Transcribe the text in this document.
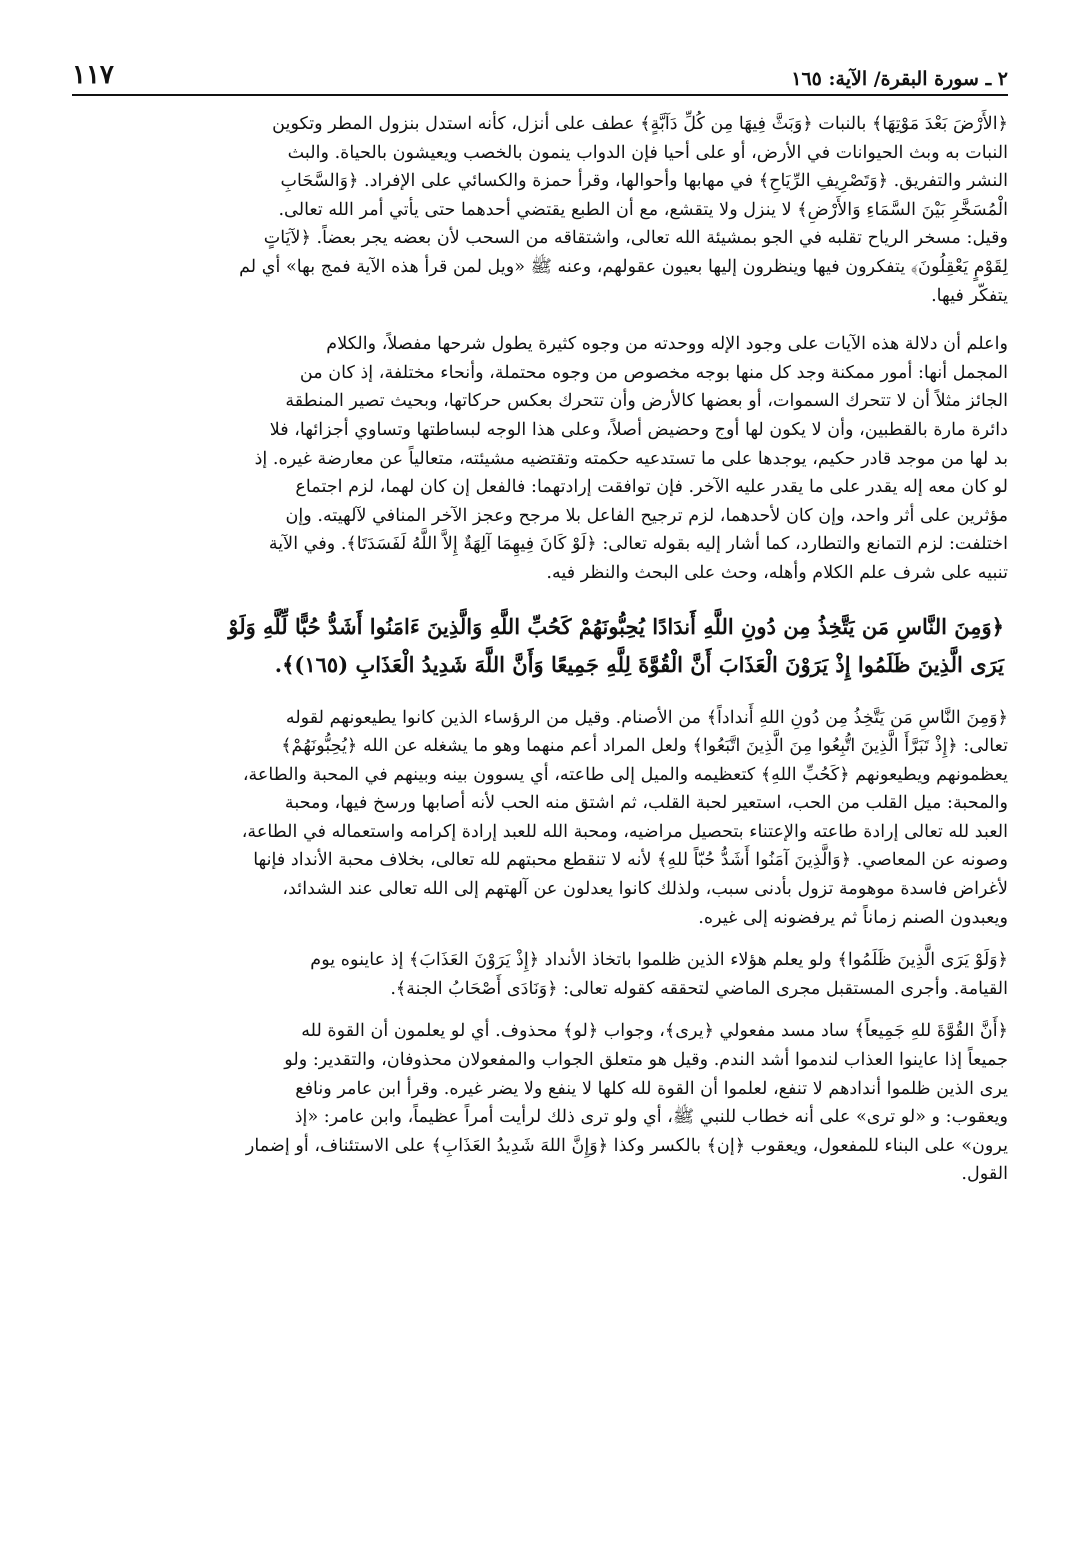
٢ ـ سورة البقرة/ الآية: ١٦٥
١١٧

﴿الأَرْضَ بَعْدَ مَوْتِهَا﴾ بالنبات ﴿وَبَثَّ فِيهَا مِن كُلِّ دَآبَّةٍ﴾ عطف على أنزل، كأنه استدل بنزول المطر وتكوين
النبات به وبث الحيوانات في الأرض، أو على أحيا فإن الدواب ينمون بالخصب ويعيشون بالحياة. والبث
النشر والتفريق. ﴿وَتَصْرِيفِ الرِّيَاحِ﴾ في مهابها وأحوالها، وقرأ حمزة والكسائي على الإفراد. ﴿وَالسَّحَابِ
الْمُسَخَّرِ بَيْنَ السَّمَاءِ وَالأَرْضِ﴾ لا ينزل ولا يتقشع، مع أن الطبع يقتضي أحدهما حتى يأتي أمر الله تعالى.
وقيل: مسخر الرياح تقلبه في الجو بمشيئة الله تعالى، واشتقاقه من السحب لأن بعضه يجر بعضاً. ﴿لآيَاتٍ
لِقَوْمٍ يَعْقِلُونَ﴾ يتفكرون فيها وينظرون إليها بعيون عقولهم، وعنه ﷺ «ويل لمن قرأ هذه الآية فمج بها» أي لم
يتفكّر فيها.

واعلم أن دلالة هذه الآيات على وجود الإله ووحدته من وجوه كثيرة يطول شرحها مفصلاً، والكلام
المجمل أنها: أمور ممكنة وجد كل منها بوجه مخصوص من وجوه محتملة، وأنحاء مختلفة، إذ كان من
الجائز مثلاً أن لا تتحرك السموات، أو بعضها كالأرض وأن تتحرك بعكس حركاتها، وبحيث تصير المنطقة
دائرة مارة بالقطبين، وأن لا يكون لها أوج وحضيض أصلاً، وعلى هذا الوجه لبساطتها وتساوي أجزائها، فلا
بد لها من موجد قادر حكيم، يوجدها على ما تستدعيه حكمته وتقتضيه مشيئته، متعالياً عن معارضة غيره. إذ
لو كان معه إله يقدر على ما يقدر عليه الآخر. فإن توافقت إرادتهما: فالفعل إن كان لهما، لزم اجتماع
مؤثرين على أثر واحد، وإن كان لأحدهما، لزم ترجيح الفاعل بلا مرجح وعجز الآخر المنافي لآلهيته. وإن
اختلفت: لزم التمانع والتطارد، كما أشار إليه بقوله تعالى: ﴿لَوْ كَانَ فِيهِمَا آلِهَةٌ إِلاَّ اللَّهُ لَفَسَدَتَا﴾. وفي الآية
تنبيه على شرف علم الكلام وأهله، وحث على البحث والنظر فيه.

﴿وَمِنَ النَّاسِ مَن يَتَّخِذُ مِن دُونِ اللَّهِ أَندَادًا يُحِبُّونَهُمْ كَحُبِّ اللَّهِ وَالَّذِينَ ءَامَنُوا أَشَدُّ حُبًّا لِّلَّهِ وَلَوْ
يَرَى الَّذِينَ ظَلَمُوا إِذْ يَرَوْنَ الْعَذَابَ أَنَّ الْقُوَّةَ لِلَّهِ جَمِيعًا وَأَنَّ اللَّهَ شَدِيدُ الْعَذَابِ (١٦٥)﴾.

﴿وَمِنَ النَّاسِ مَن يَتَّخِذُ مِن دُونِ اللهِ أَنداداً﴾ من الأصنام. وقيل من الرؤساء الذين كانوا يطيعونهم لقوله
تعالى: ﴿إِذْ تَبَرَّأَ الَّذِينَ اتُّبِعُوا مِنَ الَّذِينَ اتَّبَعُوا﴾ ولعل المراد أعم منهما وهو ما يشغله عن الله ﴿يُحِبُّونَهُمْ﴾
يعظمونهم ويطيعونهم ﴿كَحُبِّ اللهِ﴾ كتعظيمه والميل إلى طاعته، أي يسوون بينه وبينهم في المحبة والطاعة،
والمحبة: ميل القلب من الحب، استعير لحبة القلب، ثم اشتق منه الحب لأنه أصابها ورسخ فيها، ومحبة
العبد لله تعالى إرادة طاعته والإعتناء بتحصيل مراضيه، ومحبة الله للعبد إرادة إكرامه واستعماله في الطاعة،
وصونه عن المعاصي. ﴿وَالَّذِينَ آمَنُوا أَشَدُّ حُبّاً للهِ﴾ لأنه لا تنقطع محبتهم لله تعالى، بخلاف محبة الأنداد فإنها
لأغراض فاسدة موهومة تزول بأدنى سبب، ولذلك كانوا يعدلون عن آلهتهم إلى الله تعالى عند الشدائد،
ويعبدون الصنم زماناً ثم يرفضونه إلى غيره.

﴿وَلَوْ يَرَى الَّذِينَ ظَلَمُوا﴾ ولو يعلم هؤلاء الذين ظلموا باتخاذ الأنداد ﴿إِذْ يَرَوْنَ العَذَابَ﴾ إذ عاينوه يوم
القيامة. وأجرى المستقبل مجرى الماضي لتحققه كقوله تعالى: ﴿وَنَادَى أَصْحَابُ الجنة﴾.

﴿أَنَّ القُوَّةَ للهِ جَمِيعاً﴾ ساد مسد مفعولي ﴿يرى﴾، وجواب ﴿لو﴾ محذوف. أي لو يعلمون أن القوة لله
جميعاً إذا عاينوا العذاب لندموا أشد الندم. وقيل هو متعلق الجواب والمفعولان محذوفان، والتقدير: ولو
يرى الذين ظلموا أندادهم لا تنفع، لعلموا أن القوة لله كلها لا ينفع ولا يضر غيره. وقرأ ابن عامر ونافع
ويعقوب: و «لو ترى» على أنه خطاب للنبي ﷺ، أي ولو ترى ذلك لرأيت أمراً عظيماً، وابن عامر: «إذ
يرون» على البناء للمفعول، ويعقوب ﴿إن﴾ بالكسر وكذا ﴿وَإِنَّ اللهَ شَدِيدُ العَذَابِ﴾ على الاستئناف، أو إضمار
القول.
